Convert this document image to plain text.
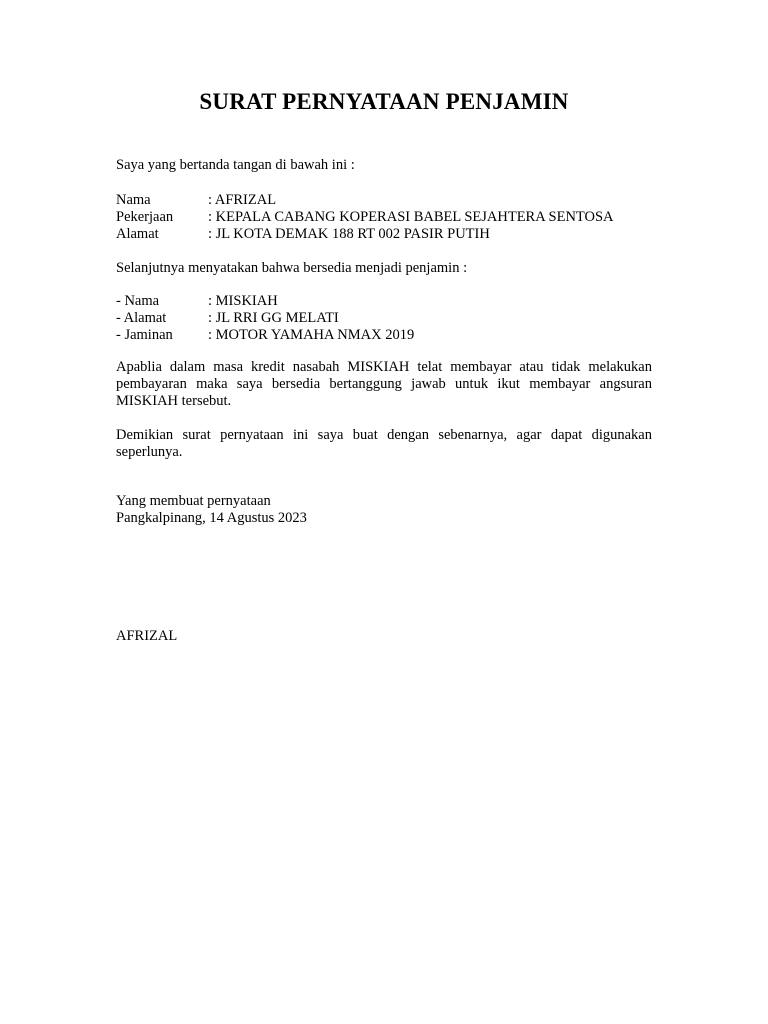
SURAT PERNYATAAN PENJAMIN
Saya yang bertanda tangan di bawah ini :
Nama	: AFRIZAL
Pekerjaan	: KEPALA CABANG KOPERASI BABEL SEJAHTERA SENTOSA
Alamat	: JL KOTA DEMAK 188 RT 002 PASIR PUTIH
Selanjutnya menyatakan bahwa bersedia menjadi penjamin :
- Nama	: MISKIAH
- Alamat	: JL RRI GG MELATI
- Jaminan	: MOTOR YAMAHA NMAX 2019
Apablia dalam masa kredit nasabah MISKIAH telat membayar atau tidak melakukan pembayaran maka saya bersedia bertanggung jawab untuk ikut membayar angsuran MISKIAH tersebut.
Demikian surat pernyataan ini saya buat dengan sebenarnya, agar dapat digunakan seperlunya.
Yang membuat pernyataan
Pangkalpinang, 14 Agustus 2023
AFRIZAL
